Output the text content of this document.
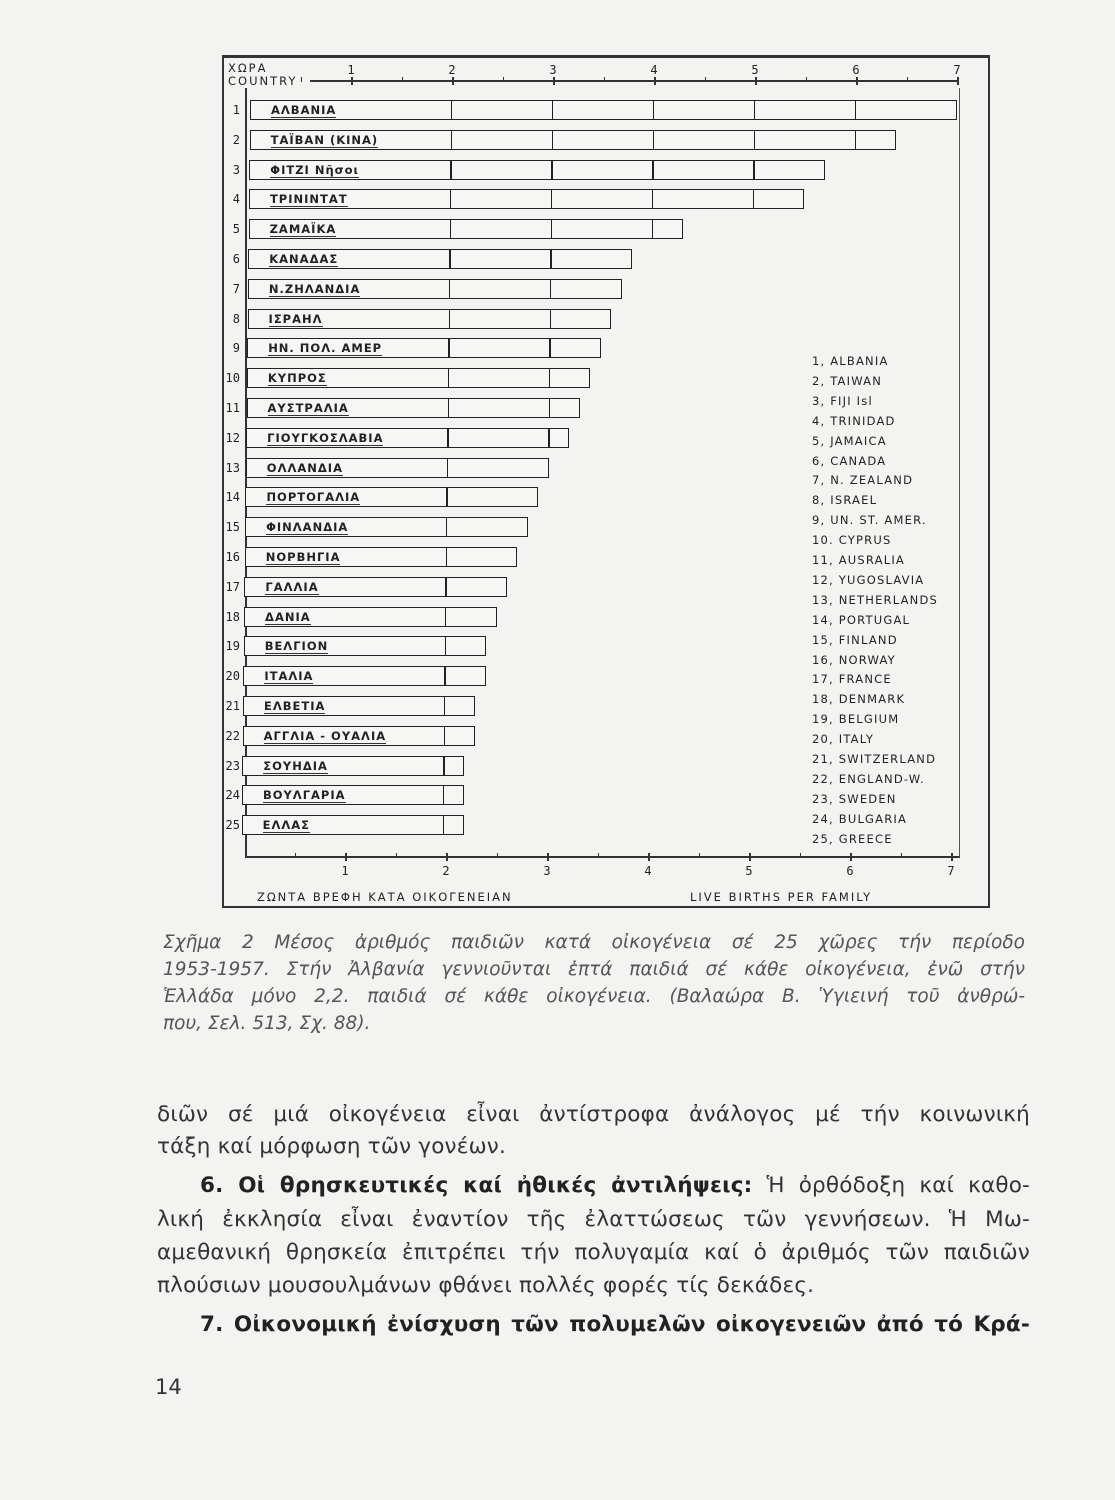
ΧΩΡΑ
COUNTRY
1
1
2
2
3
3
4
4
5
5
6
6
7
7
1	ΑΛΒΑΝΙΑ
2	ΤΑΪΒΑΝ (ΚΙΝΑ)
3	ΦΙΤΖΙ Νῆσοι
4	ΤΡΙΝΙΝΤΑΤ
5	ΖΑΜΑΪΚΑ
6	ΚΑΝΑΔΑΣ
7	Ν.ΖΗΛΑΝΔΙΑ
8 ΙΣΡΑΗΛ
9 ΗΝ. ΠΟΛ. ΑΜΕΡ
10 ΚΥΠΡΟΣ
11 ΑΥΣΤΡΑΛΙΑ
12 ΓΙΟΥΓΚΟΣΛΑΒΙΑ
13 ΟΛΛΑΝΔΙΑ
14 ΠΟΡΤΟΓΑΛΙΑ
15 ΦΙΝΛΑΝΔΙΑ
16 ΝΟΡΒΗΓΙΑ
17 ΓΑΛΛΙΑ
18 ΔΑΝΙΑ
19 ΒΕΛΓΙΟΝ
20 ΙΤΑΛΙΑ
21 ΕΛΒΕΤΙΑ
22 ΑΓΓΛΙΑ - ΟΥΑΛΙΑ
23 ΣΟΥΗΔΙΑ
24 ΒΟΥΛΓΑΡΙΑ
25 ΕΛΛΑΣ
1, ALBANIA
2, TAIWAN
3, FIJI Isl
4, TRINIDAD
5, JAMAICA
6, CANADA
7, N. ZEALAND
8, ISRAEL
9, UN. ST. AMER.
10. CYPRUS
11, AUSRALIA
12, YUGOSLAVIA
13, NETHERLANDS
14, PORTUGAL
15, FINLAND
16, NORWAY
17, FRANCE
18, DENMARK
19, BELGIUM
20, ITALY
21, SWITZERLAND
22, ENGLAND-W.
23, SWEDEN
24, BULGARIA
25, GREECE
ΖΩΝΤΑ ΒΡΕΦΗ ΚΑΤΑ ΟΙΚΟΓΕΝΕΙΑΝ	LIVE BIRTHS PER FAMILY
Σχῆμα 2 Μέσος ἀριθμός παιδιῶν κατά οἰκογένεια σέ 25 χῶρες τήν περίοδο
1953-1957. Στήν Ἀλβανία γεννιοῦνται ἑπτά παιδιά σέ κάθε οἰκογένεια, ἐνῶ στήν
Ἑλλάδα μόνο 2,2. παιδιά σέ κάθε οἰκογένεια. (Βαλαώρα Β. Ὑγιεινή τοῦ ἀνθρώ-
που, Σελ. 513, Σχ. 88).
διῶν σέ μιά οἰκογένεια εἶναι ἀντίστροφα ἀνάλογος μέ τήν κοινωνική
τάξη καί μόρφωση τῶν γονέων.
6. Οἱ θρησκευτικές καί ἠθικές ἀντιλήψεις: Ἡ ὀρθόδοξη καί καθο-
λική ἐκκλησία εἶναι ἐναντίον τῆς ἐλαττώσεως τῶν γεννήσεων. Ἡ Μω-
αμεθανική θρησκεία ἐπιτρέπει τήν πολυγαμία καί ὁ ἀριθμός τῶν παιδιῶν
πλούσιων μουσουλμάνων φθάνει πολλές φορές τίς δεκάδες.
7. Οἰκονομική ἐνίσχυση τῶν πολυμελῶν οἰκογενειῶν ἀπό τό Κρά-
14
